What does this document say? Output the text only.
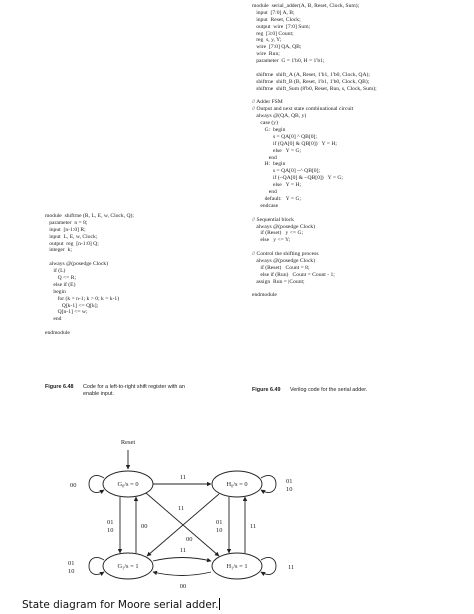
module  serial_adder(A, B, Reset, Clock, Sum);
input  [7:0] A, B;
input  Reset, Clock;
output  wire  [7:0] Sum;
reg  [3:0] Count;
reg  s, y, Y;
wire  [7:0] QA, QB;
wire  Run;
parameter  G = 1'b0, H = 1'b1;
shiftrne  shift_A (A, Reset, 1'b1, 1'b0, Clock, QA);
shiftrne  shift_B (B, Reset, 1'b1, 1'b0, Clock, QB);
shiftrne  shift_Sum (8'b0, Reset, Run, s, Clock, Sum);
// Adder FSM
// Output and next state combinational circuit
always @(QA, QB, y)
case (y)
G:  begin
s = QA[0] ^ QB[0];
if (QA[0] & QB[0])   Y = H;
else   Y = G;
end
H:  begin
s = QA[0] ~^ QB[0];
if (~QA[0] & ~QB[0])   Y = G;
else   Y = H;
end
default:   Y = G;
endcase
// Sequential block
always @(posedge Clock)
if (Reset)   y <= G;
else   y <= Y;
// Control the shifting process
always @(posedge Clock)
if (Reset)   Count = 8;
else if (Run)   Count = Count - 1;
assign  Run = |Count;
endmodule
module  shiftrne (R, L, E, w, Clock, Q);
parameter  n = 8;
input  [n-1:0] R;
input  L, E, w, Clock;
output  reg  [n-1:0] Q;
integer  k;
always @(posedge Clock)
if (L)
Q <= R;
else if (E)
begin
for (k = n-1; k > 0; k = k-1)
Q[k-1] <= Q[k];
Q[n-1] <= w;
end
endmodule
Figure 6.48 Code for a left-to-right shift register with an
enable input.
Figure 6.49 Verilog code for the serial adder.
Reset
G₀/s = 0	H₀/s = 0
G₁/s = 1	H₁/s = 1
00
11
01
10
01
10
00
11
00
01
10
11
01
10
11
00
11
State diagram for Moore serial adder.
